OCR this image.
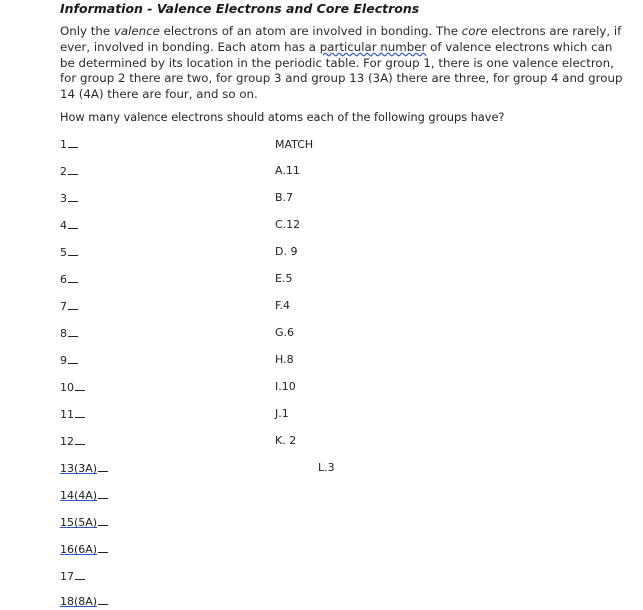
Information - Valence Electrons and Core Electrons
Only the valence electrons of an atom are involved in bonding. The core electrons are rarely, if ever, involved in bonding. Each atom has a particular number of valence electrons which can be determined by its location in the periodic table. For group 1, there is one valence electron, for group 2 there are two, for group 3 and group 13 (3A) there are three, for group 4 and group 14 (4A) there are four, and so on.
How many valence electrons should atoms each of the following groups have?
MATCH
1
2
3
4
5
6
7
8
9
10
11
12
13(3A)
14(4A)
15(5A)
16(6A)
17
18(8A)
A.11
B.7
C.12
D. 9
E.5
F.4
G.6
H.8
I.10
J.1
K. 2
L.3
